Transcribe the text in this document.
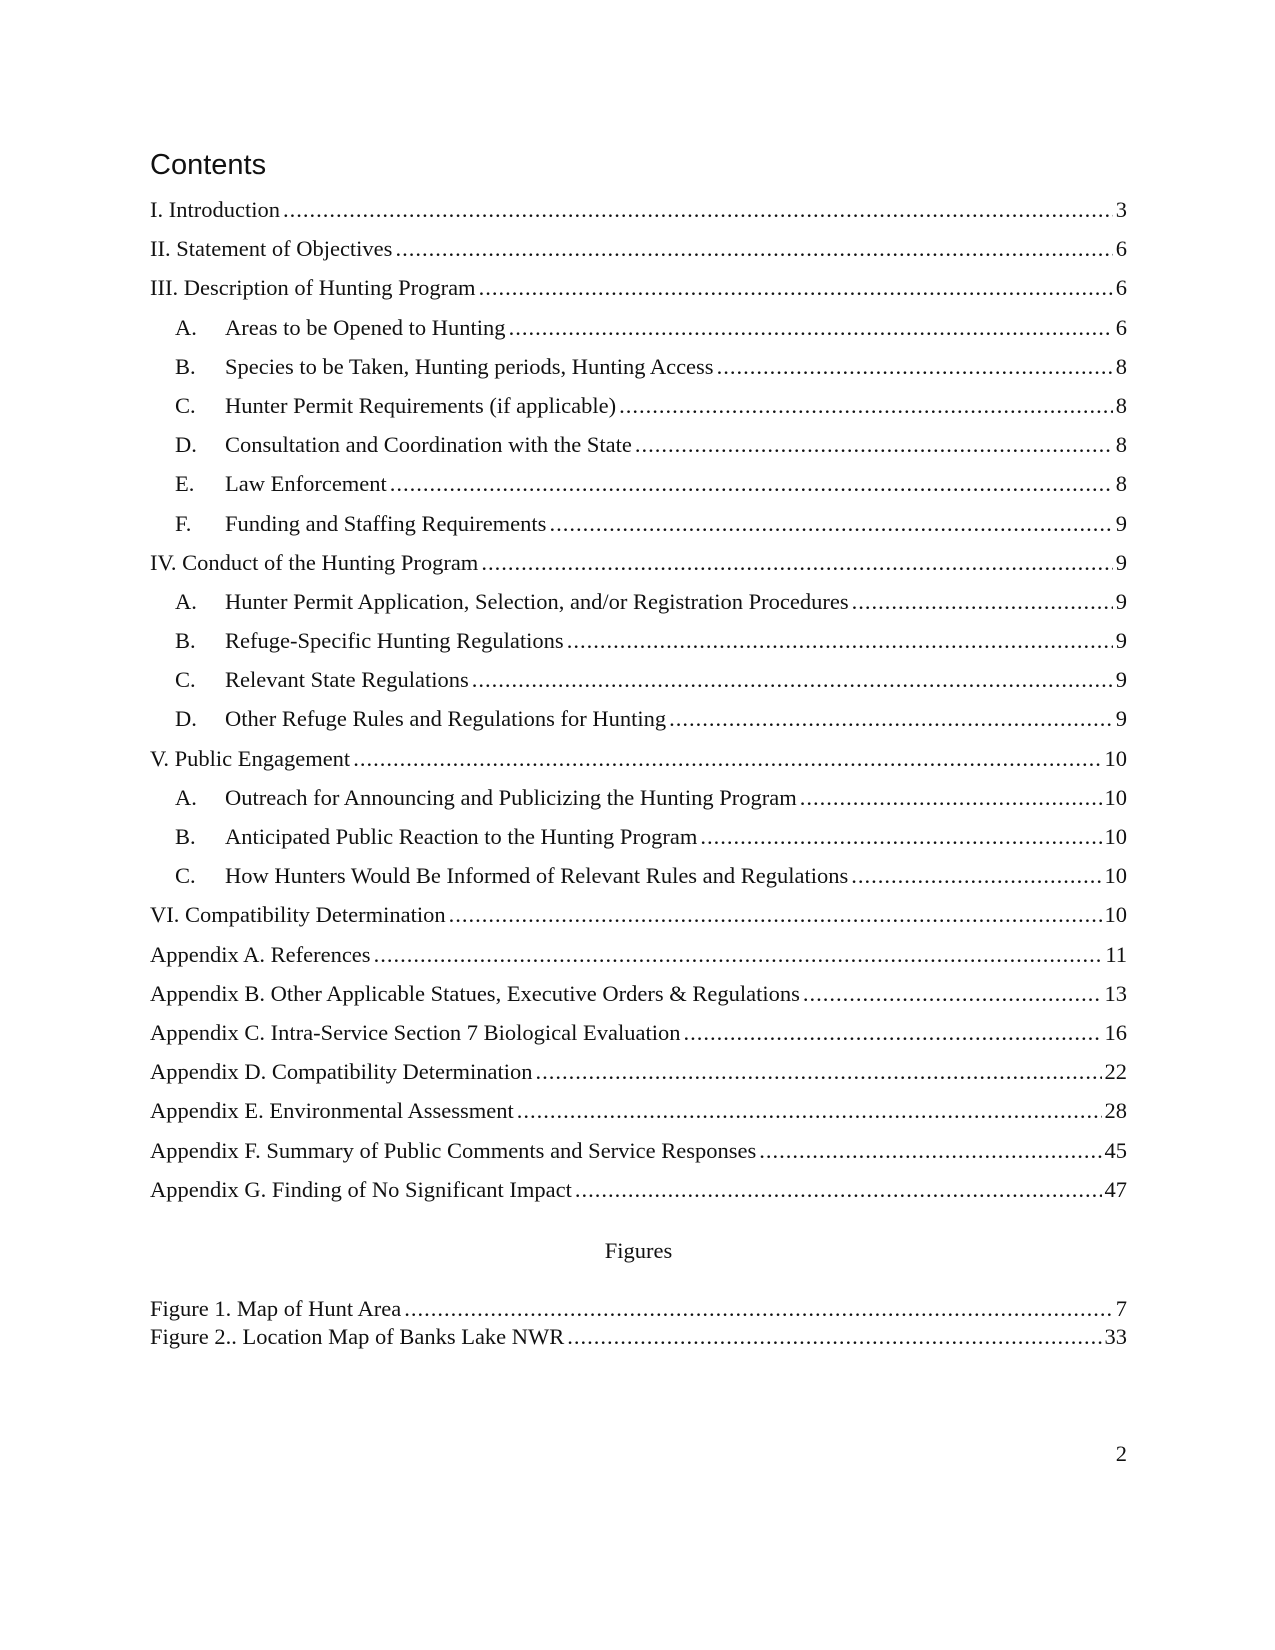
Contents
I. Introduction .....	3
II. Statement of Objectives .....	6
III. Description of Hunting Program .....	6
A.	Areas to be Opened to Hunting .....	6
B.	Species to be Taken, Hunting periods, Hunting Access .....	8
C.	Hunter Permit Requirements (if applicable) .....	8
D.	Consultation and Coordination with the State .....	8
E.	Law Enforcement .....	8
F.	Funding and Staffing Requirements .....	9
IV. Conduct of the Hunting Program .....	9
A.	Hunter Permit Application, Selection, and/or Registration Procedures .....	9
B.	Refuge-Specific Hunting Regulations .....	9
C.	Relevant State Regulations .....	9
D.	Other Refuge Rules and Regulations for Hunting .....	9
V. Public Engagement .....	10
A.	Outreach for Announcing and Publicizing the Hunting Program .....	10
B.	Anticipated Public Reaction to the Hunting Program .....	10
C.	How Hunters Would Be Informed of Relevant Rules and Regulations .....	10
VI. Compatibility Determination .....	10
Appendix A. References .....	11
Appendix B. Other Applicable Statues, Executive Orders & Regulations .....	13
Appendix C. Intra-Service Section 7 Biological Evaluation .....	16
Appendix D. Compatibility Determination .....	22
Appendix E. Environmental Assessment .....	28
Appendix F. Summary of Public Comments and Service Responses .....	45
Appendix G. Finding of No Significant Impact .....	47
Figures
Figure 1. Map of Hunt Area .....	7
Figure 2.. Location Map of Banks Lake NWR .....	33
2
